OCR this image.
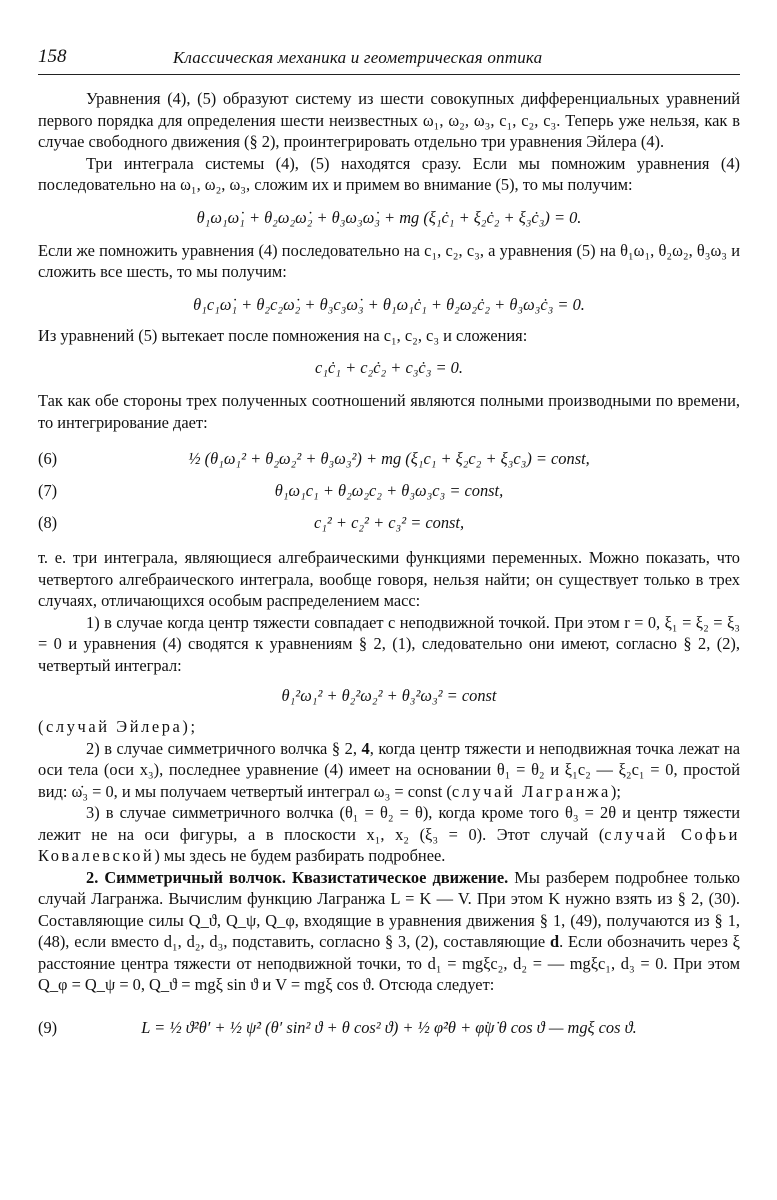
158	Классическая механика и геометрическая оптика

Уравнения (4), (5) образуют систему из шести совокупных дифференциальных уравнений первого порядка для определения шести неизвестных ω₁, ω₂, ω₃, c₁, c₂, c₃. Теперь уже нельзя, как в случае свободного движения (§ 2), проинтегрировать отдельно три уравнения Эйлера (4).

Три интеграла системы (4), (5) находятся сразу. Если мы помножим уравнения (4) последовательно на ω₁, ω₂, ω₃, сложим их и примем во внимание (5), то мы получим:

θ₁ω₁ω̇₁ + θ₂ω₂ω̇₂ + θ₃ω₃ω̇₃ + mg (ξ₁ċ₁ + ξ₂ċ₂ + ξ₃ċ₃) = 0.

Если же помножить уравнения (4) последовательно на c₁, c₂, c₃, а уравнения (5) на θ₁ω₁, θ₂ω₂, θ₃ω₃ и сложить все шесть, то мы получим:

θ₁c₁ω̇₁ + θ₂c₂ω̇₂ + θ₃c₃ω̇₃ + θ₁ω₁ċ₁ + θ₂ω₂ċ₂ + θ₃ω₃ċ₃ = 0.

Из уравнений (5) вытекает после помножения на c₁, c₂, c₃ и сложения:

c₁ċ₁ + c₂ċ₂ + c₃ċ₃ = 0.

Так как обе стороны трех полученных соотношений являются полными производными по времени, то интегрирование дает:

(6)	½ (θ₁ω₁² + θ₂ω₂² + θ₃ω₃²) + mg (ξ₁c₁ + ξ₂c₂ + ξ₃c₃) = const,
(7)	θ₁ω₁c₁ + θ₂ω₂c₂ + θ₃ω₃c₃ = const,
(8)	c₁² + c₂² + c₃² = const,

т. е. три интеграла, являющиеся алгебраическими функциями переменных. Можно показать, что четвертого алгебраического интеграла, вообще говоря, нельзя найти; он существует только в трех случаях, отличающихся особым распределением масс:

1) в случае когда центр тяжести совпадает с неподвижной точкой. При этом r = 0, ξ₁ = ξ₂ = ξ₃ = 0 и уравнения (4) сводятся к уравнениям § 2, (1), следовательно они имеют, согласно § 2, (2), четвертый интеграл:

θ₁²ω₁² + θ₂²ω₂² + θ₃²ω₃² = const

(случай Эйлера);

2) в случае симметричного волчка § 2, 4, когда центр тяжести и неподвижная точка лежат на оси тела (оси x₃), последнее уравнение (4) имеет на основании θ₁ = θ₂ и ξ₁c₂ — ξ₂c₁ = 0, простой вид: ω̇₃ = 0, и мы получаем четвертый интеграл ω₃ = const (случай Лагранжа);

3) в случае симметричного волчка (θ₁ = θ₂ = θ), когда кроме того θ₃ = 2θ и центр тяжести лежит не на оси фигуры, а в плоскости x₁, x₂ (ξ₃ = 0). Этот случай (случай Софьи Ковалевской) мы здесь не будем разбирать подробнее.

2. Симметричный волчок. Квазистатическое движение. Мы разберем подробнее только случай Лагранжа. Вычислим функцию Лагранжа L = K — V. При этом K нужно взять из § 2, (30). Составляющие силы Q_ϑ, Q_ψ, Q_φ, входящие в уравнения движения § 1, (49), получаются из § 1, (48), если вместо d₁, d₂, d₃, подставить, согласно § 3, (2), составляющие d. Если обозначить через ξ расстояние центра тяжести от неподвижной точки, то d₁ = mgξc₂, d₂ = — mgξc₁, d₃ = 0. При этом Q_φ = Q_ψ = 0, Q_ϑ = mgξ sin ϑ и V = mgξ cos ϑ. Отсюда следует:

(9)	L = ½ ϑ̇²θ′ + ½ ψ̇² (θ′ sin² ϑ + θ cos² ϑ) + ½ φ̇²θ + φ̇ψ̇ θ cos ϑ — mgξ cos ϑ.
